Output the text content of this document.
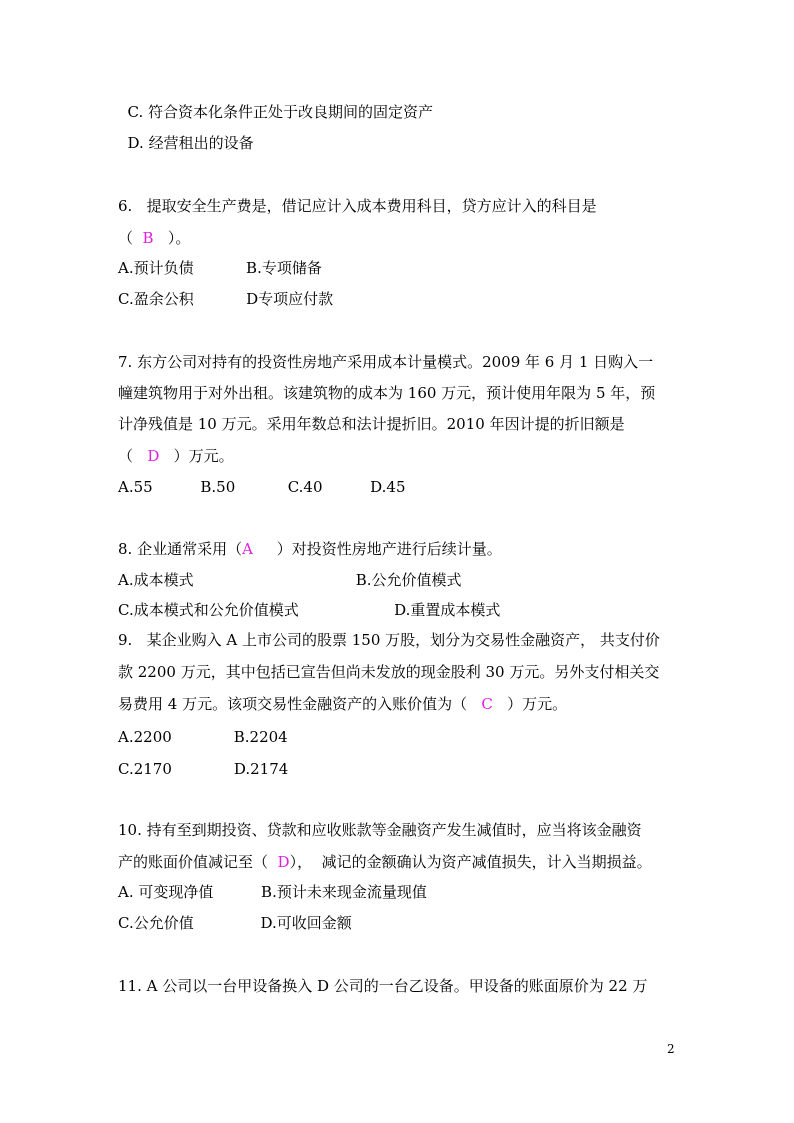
C. 符合资本化条件正处于改良期间的固定资产
D. 经营租出的设备
6.   提取安全生产费是，借记应计入成本费用科目，贷方应计入的科目是
（  B   ）。
A.预计负债           B.专项储备
C.盈余公积           D专项应付款
7. 东方公司对持有的投资性房地产采用成本计量模式。2009 年 6 月 1 日购入一
幢建筑物用于对外出租。该建筑物的成本为 160 万元，预计使用年限为 5 年，预
计净残值是 10 万元。采用年数总和法计提折旧。2010 年因计提的折旧额是
（   D   ）万元。
A.55          B.50           C.40          D.45
8. 企业通常采用（A     ）对投资性房地产进行后续计量。
A.成本模式                                  B.公允价值模式
C.成本模式和公允价值模式                    D.重置成本模式
9.   某企业购入 A 上市公司的股票 150 万股，划分为交易性金融资产， 共支付价
款 2200 万元，其中包括已宣告但尚未发放的现金股利 30 万元。另外支付相关交
易费用 4 万元。该项交易性金融资产的入账价值为（   C   ）万元。
A.2200             B.2204
C.2170             D.2174
10. 持有至到期投资、贷款和应收账款等金融资产发生减值时，应当将该金融资
产的账面价值减记至（  D），  减记的金额确认为资产减值损失，计入当期损益。
A. 可变现净值          B.预计未来现金流量现值
C.公允价值              D.可收回金额
11. A 公司以一台甲设备换入 D 公司的一台乙设备。甲设备的账面原价为 22 万
2
